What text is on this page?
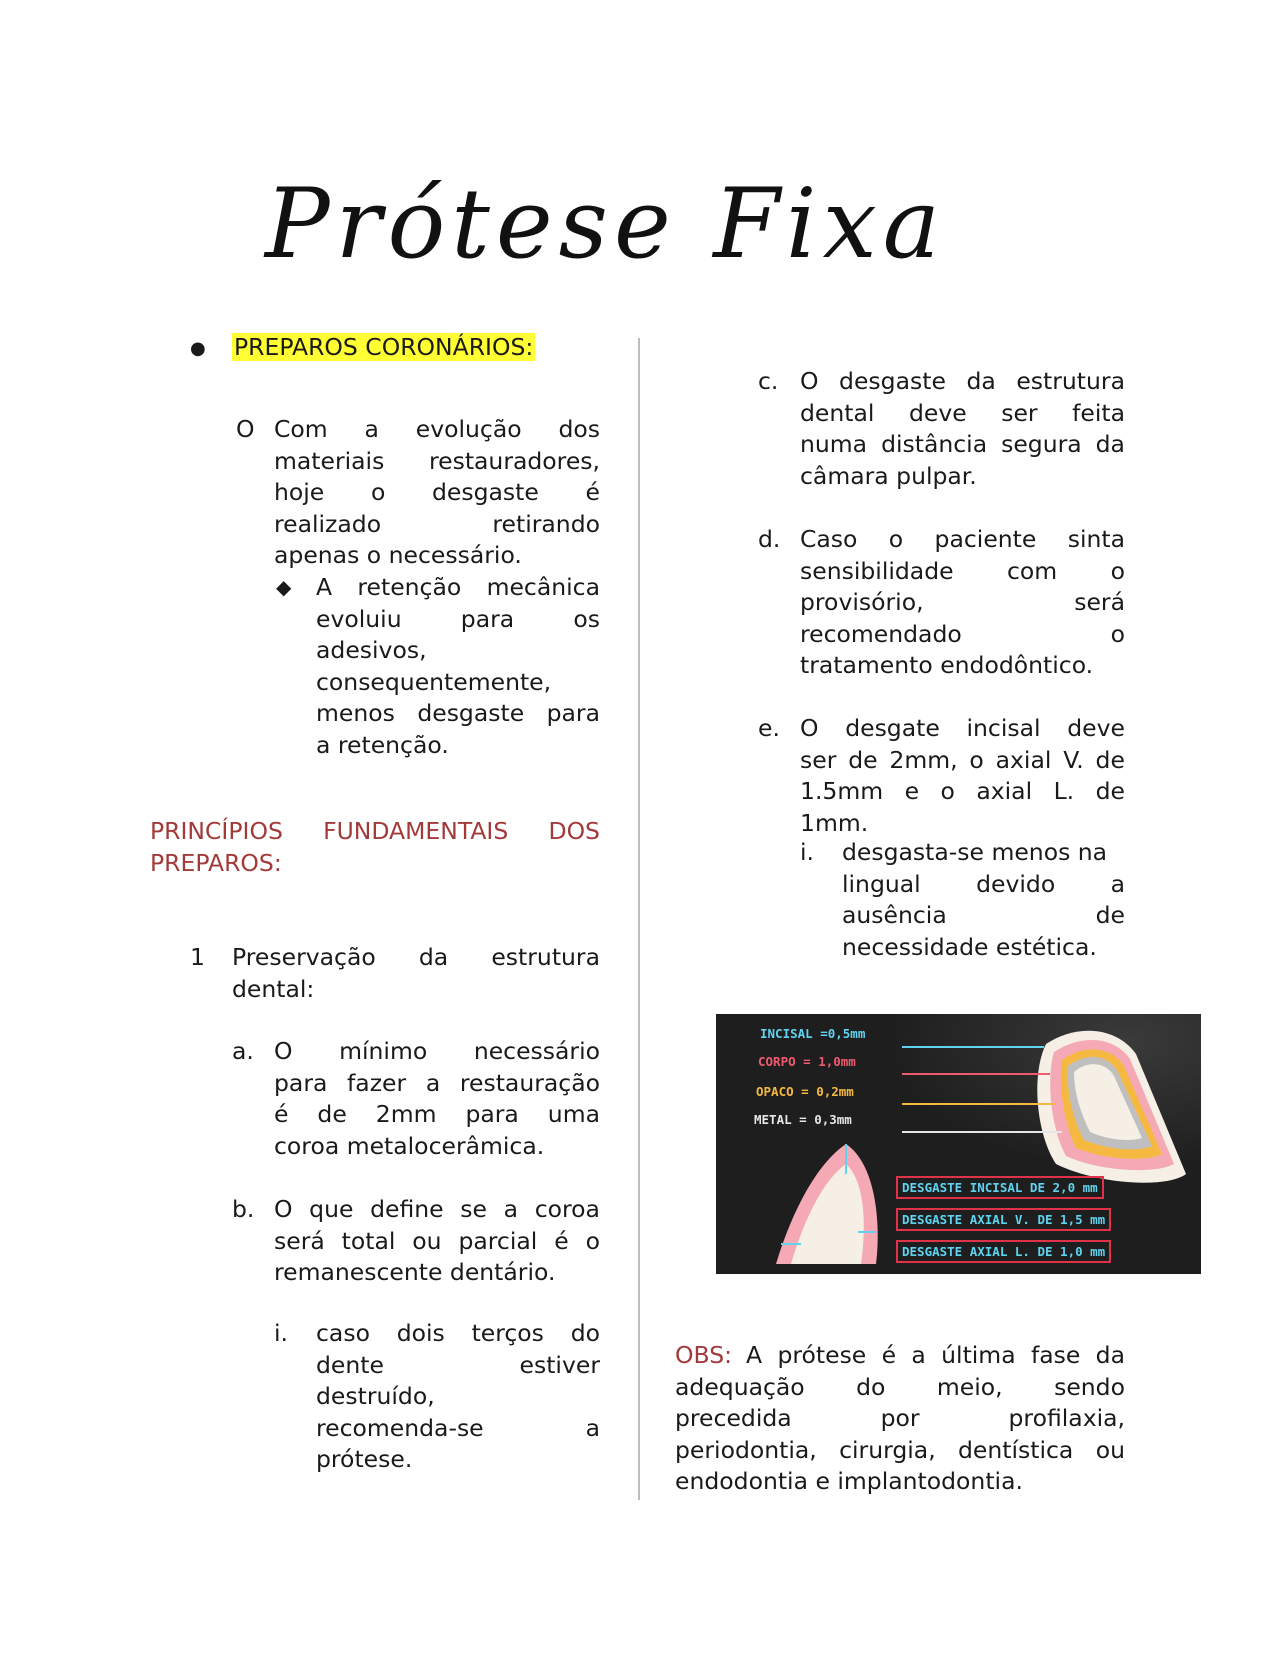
Prótese Fixa
● PREPAROS CORONÁRIOS:
O Com a evolução dos
materiais restauradores,
hoje o desgaste é
realizado	retirando
apenas o necessário.
◆ A retenção mecânica
evoluiu	para	os
adesivos,
consequentemente,
menos desgaste para
a retenção.
PRINCÍPIOS FUNDAMENTAIS DOS
PREPAROS:
1 Preservação da estrutura
dental:
a. O mínimo necessário
para fazer a restauração
é de 2mm para uma
coroa metalocerâmica.
b. O que define se a coroa
será total ou parcial é o
remanescente dentário.
i. caso dois terços do
dente	estiver
destruído,
recomenda-se	a
prótese.
c. O desgaste da estrutura
dental deve ser feita
numa distância segura da
câmara pulpar.
d. Caso o paciente sinta
sensibilidade com o
provisório,	será
recomendado	o
tratamento endodôntico.
e. O desgate incisal deve
ser de 2mm, o axial V. de
1.5mm e o axial L. de
1mm.
i. desgasta-se menos na
lingual devido a
ausência	de
necessidade estética.
INCISAL =0,5mm
CORPO = 1,0mm
OPACO = 0,2mm
METAL = 0,3mm
DESGASTE INCISAL DE 2,0 mm
DESGASTE AXIAL V. DE 1,5 mm
DESGASTE AXIAL L. DE 1,0 mm
OBS: A prótese é a última fase da
adequação do meio, sendo
precedida	por	profilaxia,
periodontia, cirurgia, dentística ou
endodontia e implantodontia.
